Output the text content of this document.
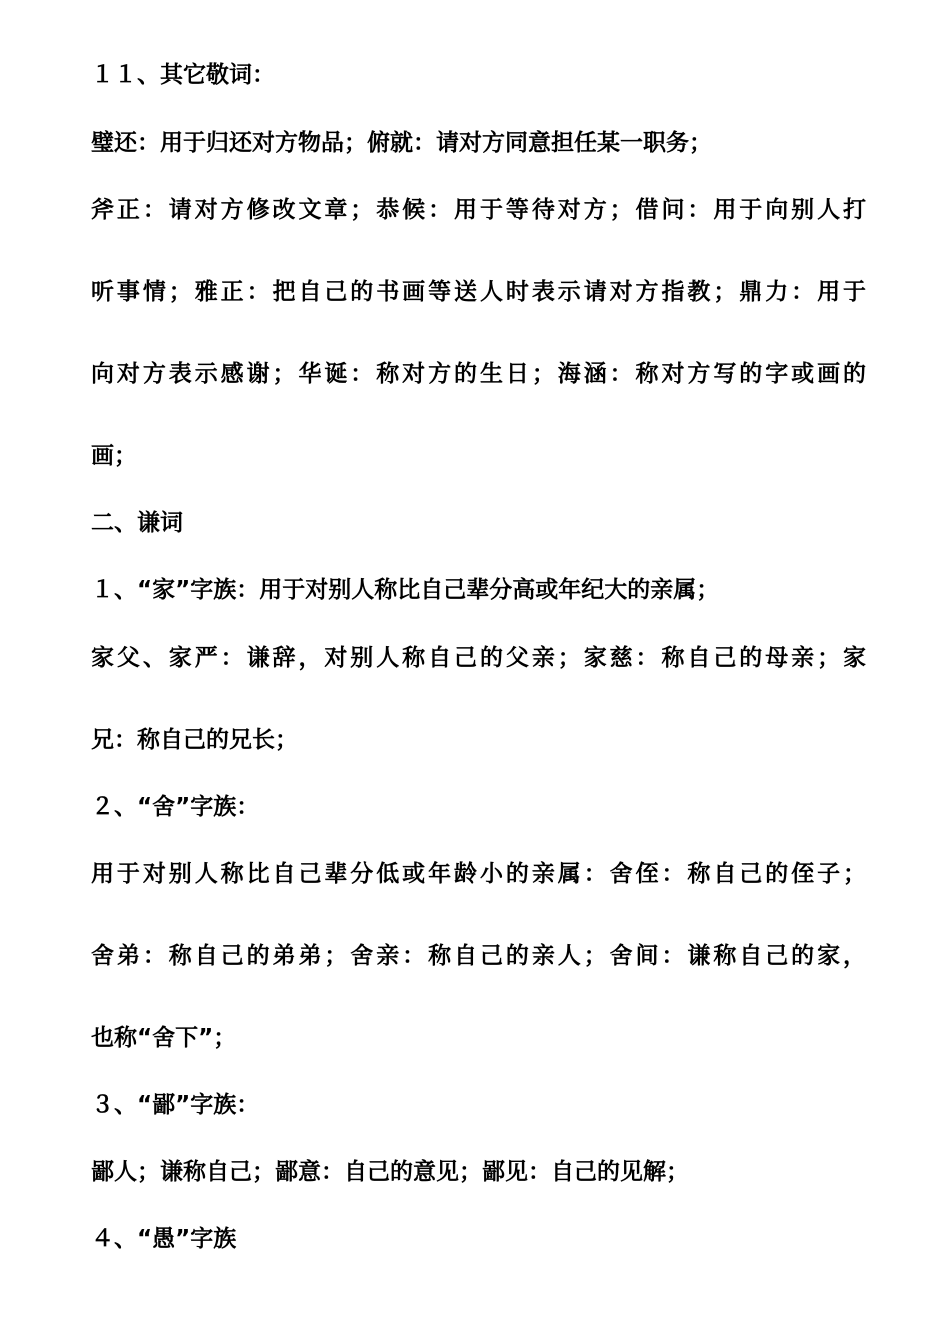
１１、其它敬词：
璧还：用于归还对方物品；俯就：请对方同意担任某一职务；
斧正：请对方修改文章；恭候：用于等待对方；借问：用于向别人打
听事情；雅正：把自己的书画等送人时表示请对方指教；鼎力：用于
向对方表示感谢；华诞：称对方的生日；海涵：称对方写的字或画的
画；
二、谦词
１、“家”字族：用于对别人称比自己辈分高或年纪大的亲属；
家父、家严：谦辞，对别人称自己的父亲；家慈：称自己的母亲；家
兄：称自己的兄长；
２、“舍”字族：
用于对别人称比自己辈分低或年龄小的亲属：舍侄：称自己的侄子；
舍弟：称自己的弟弟；舍亲：称自己的亲人；舍间：谦称自己的家，
也称“舍下”；
３、“鄙”字族：
鄙人；谦称自己；鄙意：自己的意见；鄙见：自己的见解；
４、“愚”字族
